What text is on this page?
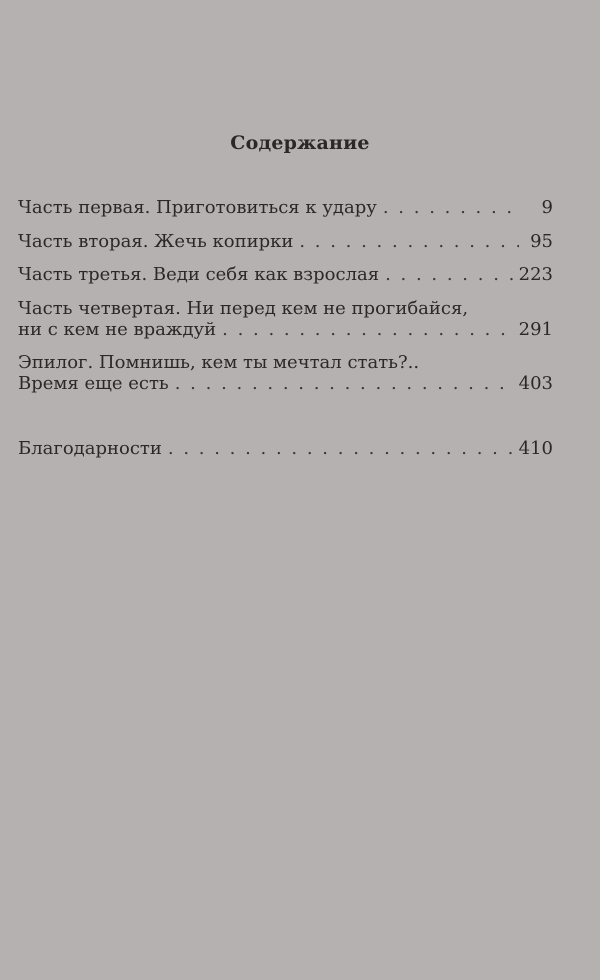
Содержание
Часть первая. Приготовиться к удару . . .	9
Часть вторая. Жечь копирки . . .	95
Часть третья. Веди себя как взрослая . . .	223
Часть четвертая. Ни перед кем не прогибайся,
ни с кем не враждуй . . .	291
Эпилог. Помнишь, кем ты мечтал стать?..
Время еще есть . . .	403
Благодарности . . .	410
